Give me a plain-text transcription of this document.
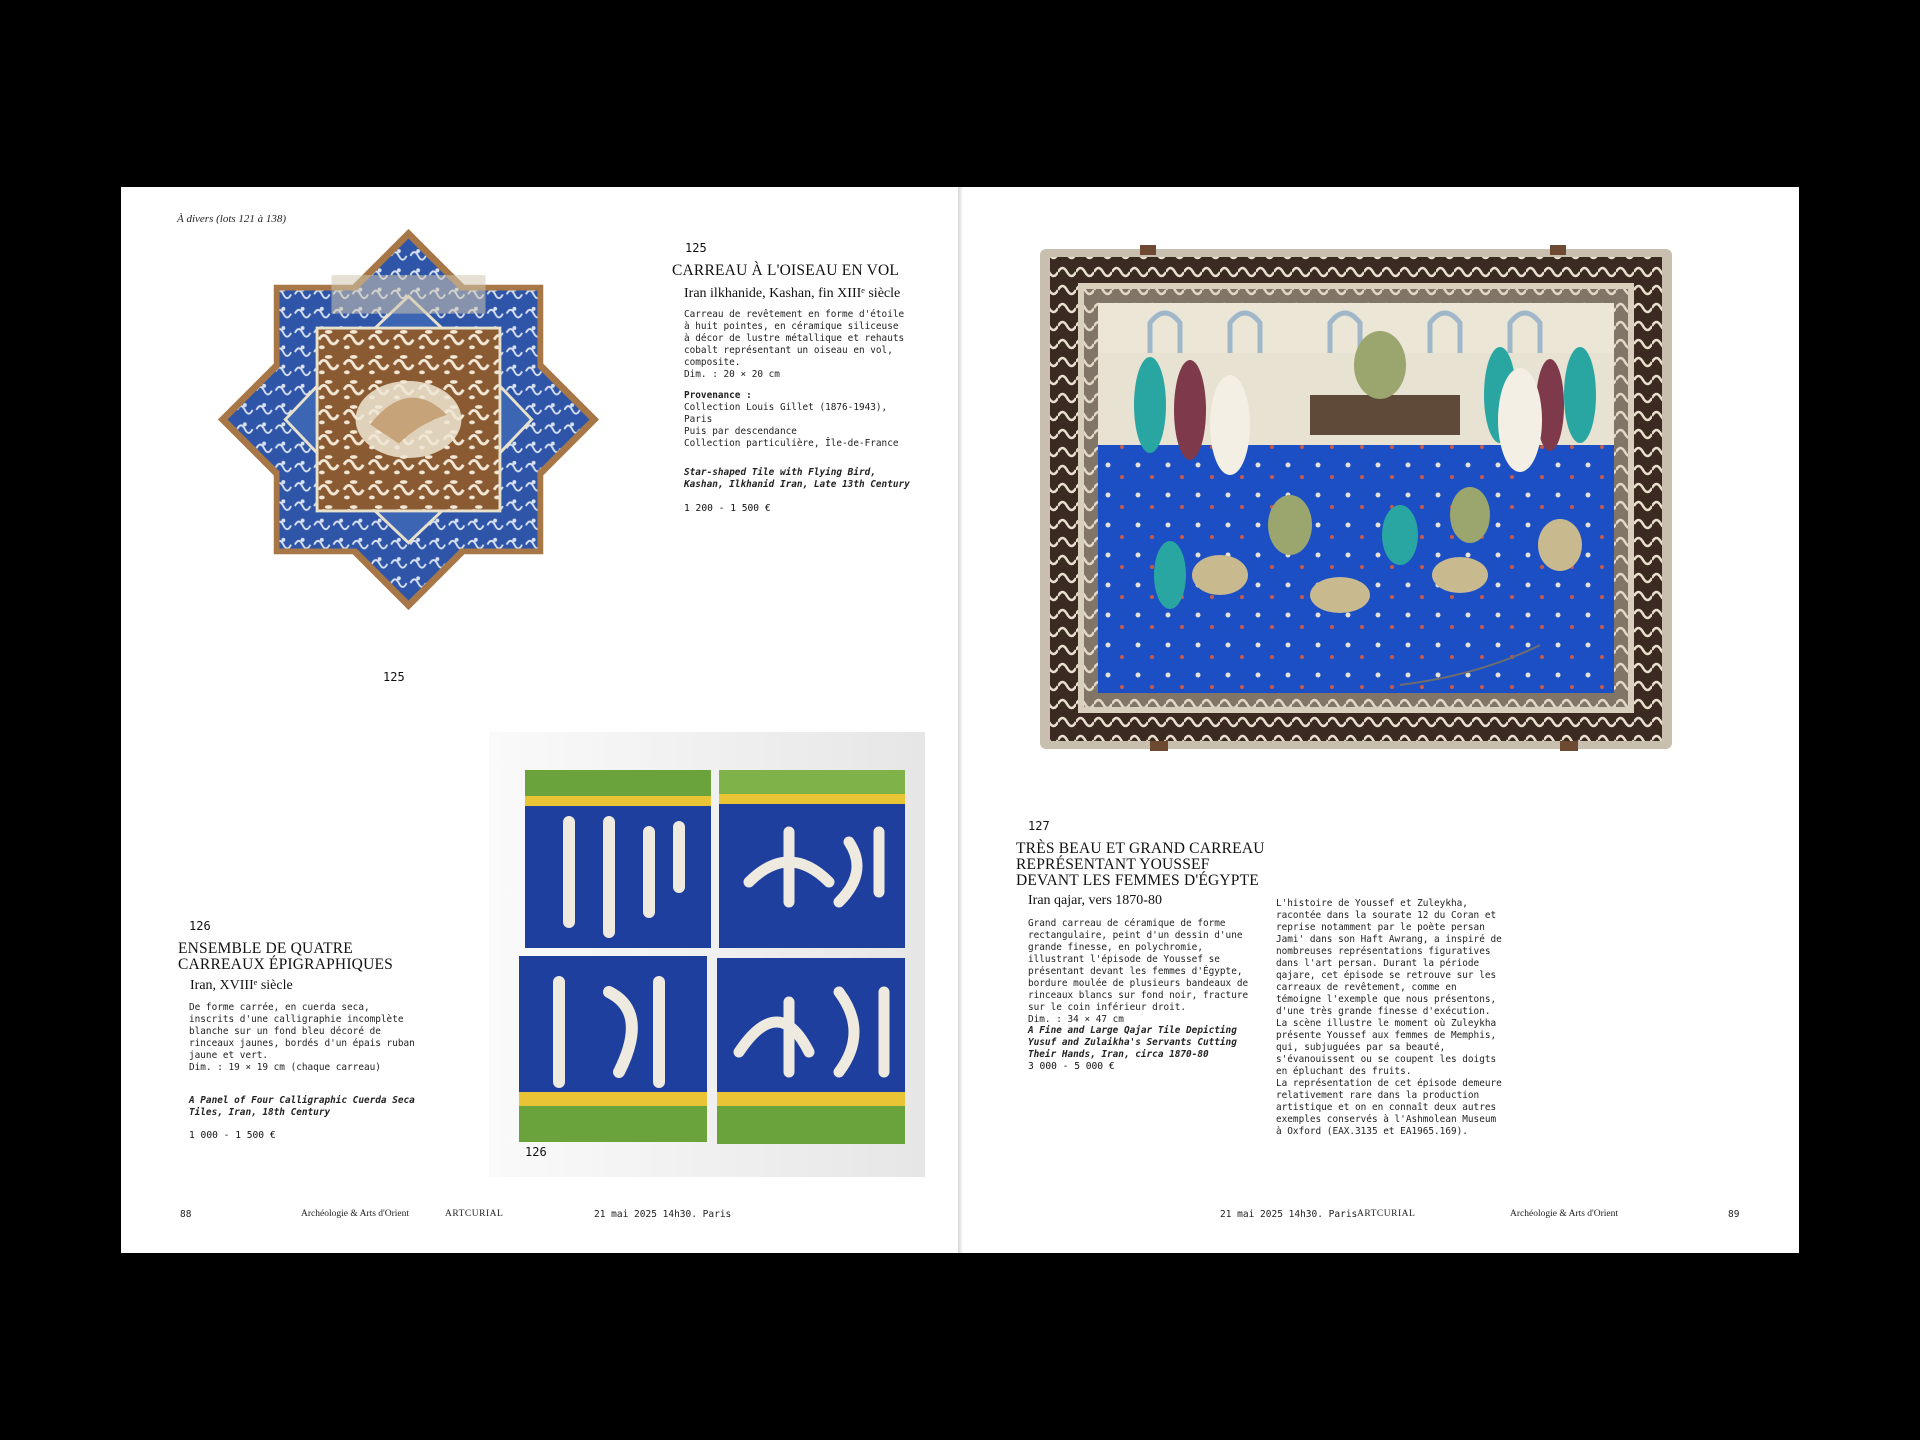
À divers (lots 121 à 138)
125
125
CARREAU À L'OISEAU EN VOL
Iran ilkhanide, Kashan, fin XIIIᵉ siècle
Carreau de revêtement en forme d'étoile
à huit pointes, en céramique siliceuse
à décor de lustre métallique et rehauts
cobalt représentant un oiseau en vol,
composite.
Dim. : 20 × 20 cm
Provenance :
Collection Louis Gillet (1876-1943),
Paris
Puis par descendance
Collection particulière, Île-de-France
Star-shaped Tile with Flying Bird,
Kashan, Ilkhanid Iran, Late 13th Century
1 200 - 1 500 €
126
126
ENSEMBLE DE QUATRE
CARREAUX ÉPIGRAPHIQUES
Iran, XVIIIᵉ siècle
De forme carrée, en cuerda seca,
inscrits d'une calligraphie incomplète
blanche sur un fond bleu décoré de
rinceaux jaunes, bordés d'un épais ruban
jaune et vert.
Dim. : 19 × 19 cm (chaque carreau)
A Panel of Four Calligraphic Cuerda Seca
Tiles, Iran, 18th Century
1 000 - 1 500 €
88	Archéologie & Arts d'Orient	ARTCURIAL	21 mai 2025 14h30. Paris
127
TRÈS BEAU ET GRAND CARREAU
REPRÉSENTANT YOUSSEF
DEVANT LES FEMMES D'ÉGYPTE
Iran qajar, vers 1870-80
Grand carreau de céramique de forme
rectangulaire, peint d'un dessin d'une
grande finesse, en polychromie,
illustrant l'épisode de Youssef se
présentant devant les femmes d'Égypte,
bordure moulée de plusieurs bandeaux de
rinceaux blancs sur fond noir, fracture
sur le coin inférieur droit.
Dim. : 34 × 47 cm
A Fine and Large Qajar Tile Depicting
Yusuf and Zulaikha's Servants Cutting
Their Hands, Iran, circa 1870-80
3 000 - 5 000 €
L'histoire de Youssef et Zuleykha,
racontée dans la sourate 12 du Coran et
reprise notamment par le poète persan
Jami' dans son Haft Awrang, a inspiré de
nombreuses représentations figuratives
dans l'art persan. Durant la période
qajare, cet épisode se retrouve sur les
carreaux de revêtement, comme en
témoigne l'exemple que nous présentons,
d'une très grande finesse d'exécution.
La scène illustre le moment où Zuleykha
présente Youssef aux femmes de Memphis,
qui, subjuguées par sa beauté,
s'évanouissent ou se coupent les doigts
en épluchant des fruits.
La représentation de cet épisode demeure
relativement rare dans la production
artistique et on en connaît deux autres
exemples conservés à l'Ashmolean Museum
à Oxford (EAX.3135 et EA1965.169).
21 mai 2025 14h30. Paris ARTCURIAL	Archéologie & Arts d'Orient	89
